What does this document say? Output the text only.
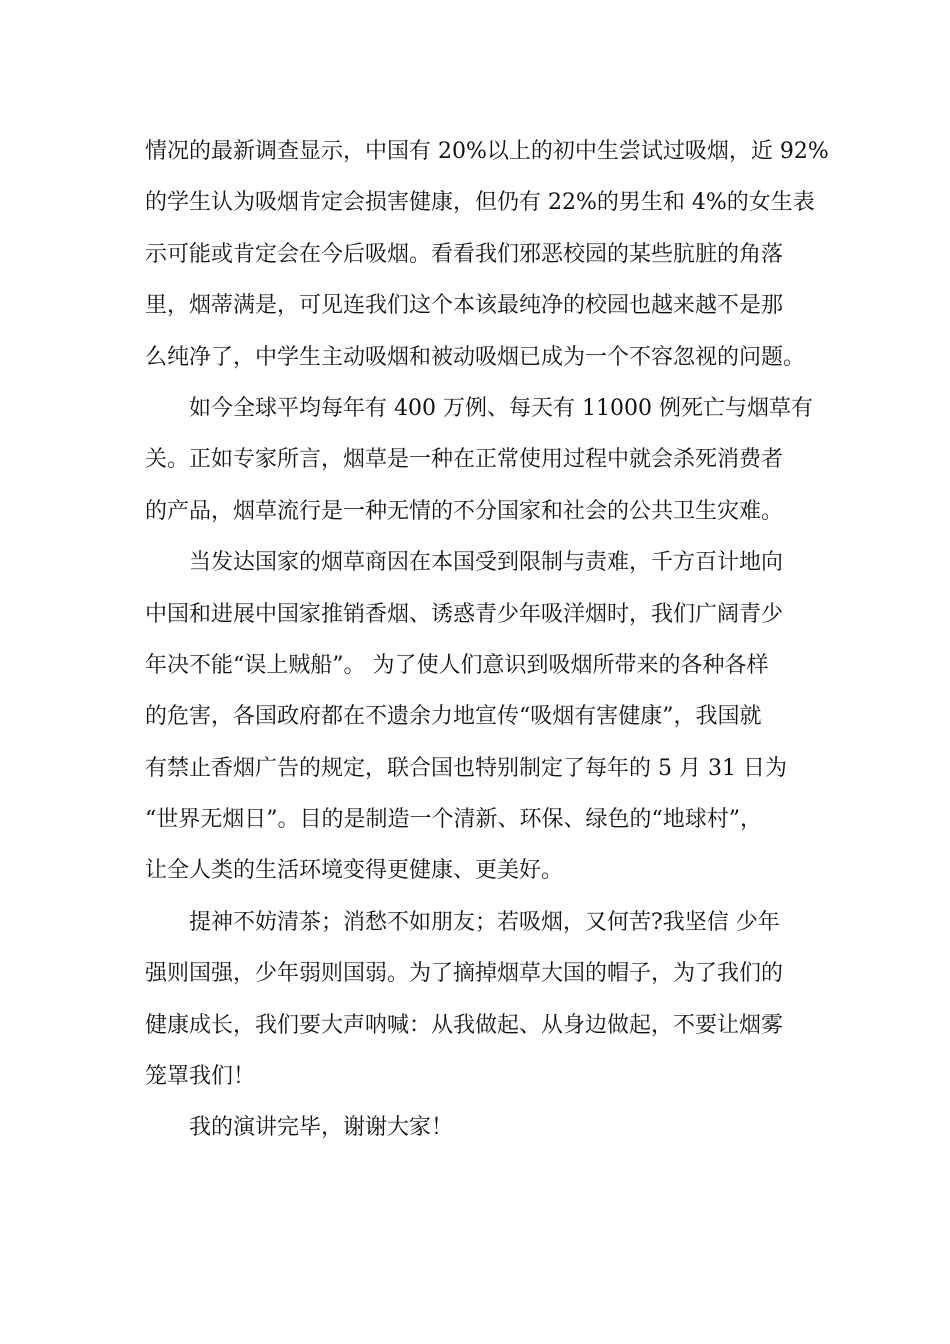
情况的最新调查显示，中国有 20%以上的初中生尝试过吸烟，近 92%
的学生认为吸烟肯定会损害健康，但仍有 22%的男生和 4%的女生表
示可能或肯定会在今后吸烟。看看我们邪恶校园的某些肮脏的角落
里，烟蒂满是，可见连我们这个本该最纯净的校园也越来越不是那
么纯净了，中学生主动吸烟和被动吸烟已成为一个不容忽视的问题。
如今全球平均每年有 400 万例、每天有 11000 例死亡与烟草有
关。正如专家所言，烟草是一种在正常使用过程中就会杀死消费者
的产品，烟草流行是一种无情的不分国家和社会的公共卫生灾难。
当发达国家的烟草商因在本国受到限制与责难，千方百计地向
中国和进展中国家推销香烟、诱惑青少年吸洋烟时，我们广阔青少
年决不能“误上贼船”。 为了使人们意识到吸烟所带来的各种各样
的危害，各国政府都在不遗余力地宣传“吸烟有害健康”，我国就
有禁止香烟广告的规定，联合国也特别制定了每年的 5 月 31 日为
“世界无烟日”。目的是制造一个清新、环保、绿色的“地球村”，
让全人类的生活环境变得更健康、更美好。
提神不妨清茶；消愁不如朋友；若吸烟，又何苦?我坚信 少年
强则国强，少年弱则国弱。为了摘掉烟草大国的帽子，为了我们的
健康成长，我们要大声呐喊：从我做起、从身边做起，不要让烟雾
笼罩我们！
我的演讲完毕，谢谢大家！
